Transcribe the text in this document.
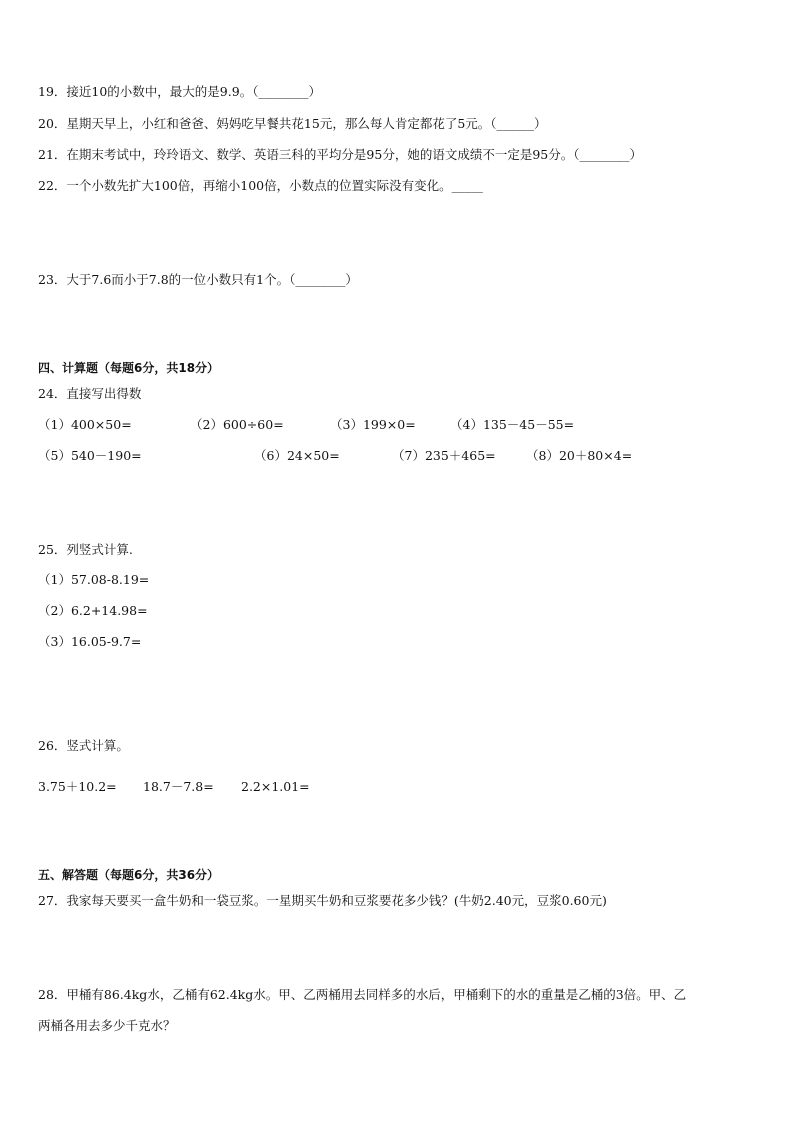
19．接近10的小数中，最大的是9.9。（________）
20．星期天早上，小红和爸爸、妈妈吃早餐共花15元，那么每人肯定都花了5元。（______）
21．在期末考试中，玲玲语文、数学、英语三科的平均分是95分，她的语文成绩不一定是95分。（________）
22．一个小数先扩大100倍，再缩小100倍，小数点的位置实际没有变化。_____
23．大于7.6而小于7.8的一位小数只有1个。（________）
四、计算题（每题6分，共18分）
24．直接写出得数
（1）400×50=	（2）600÷60=	（3）199×0=	（4）135－45－55=
（5）540－190=	（6）24×50=	（7）235＋465= （8）20＋80×4=
25．列竖式计算.
（1）57.08-8.19=
（2）6.2+14.98=
（3）16.05-9.7=
26．竖式计算。
3.75＋10.2= 18.7－7.8= 2.2×1.01=
五、解答题（每题6分，共36分）
27．我家每天要买一盒牛奶和一袋豆浆。一星期买牛奶和豆浆要花多少钱？(牛奶2.40元，豆浆0.60元)
28．甲桶有86.4kg水，乙桶有62.4kg水。甲、乙两桶用去同样多的水后，甲桶剩下的水的重量是乙桶的3倍。甲、乙
两桶各用去多少千克水？
